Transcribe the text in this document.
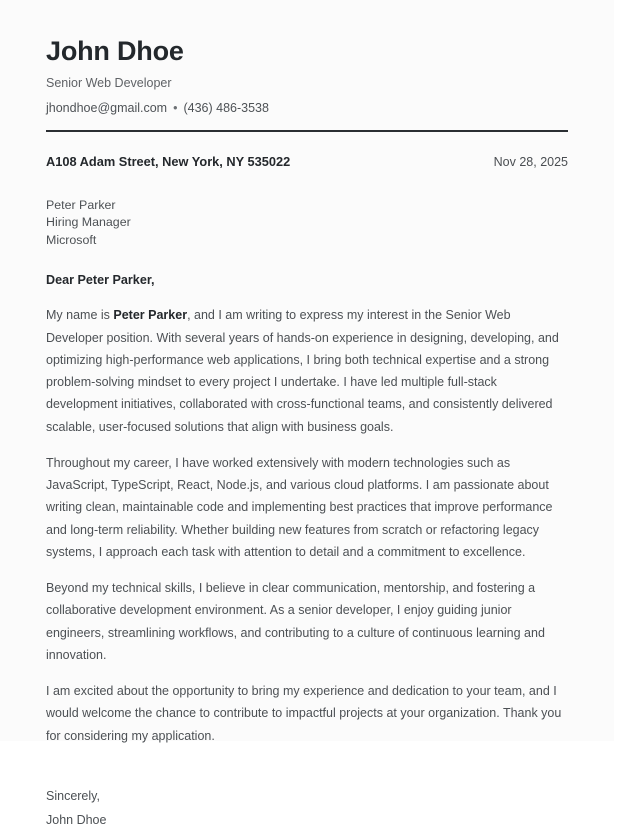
John Dhoe
Senior Web Developer
jhondhoe@gmail.com • (436) 486-3538
A108 Adam Street, New York, NY 535022	Nov 28, 2025
Peter Parker
Hiring Manager
Microsoft
Dear Peter Parker,

My name is Peter Parker, and I am writing to express my interest in the Senior Web Developer position. With several years of hands-on experience in designing, developing, and optimizing high-performance web applications, I bring both technical expertise and a strong problem-solving mindset to every project I undertake. I have led multiple full-stack development initiatives, collaborated with cross-functional teams, and consistently delivered scalable, user-focused solutions that align with business goals.

Throughout my career, I have worked extensively with modern technologies such as JavaScript, TypeScript, React, Node.js, and various cloud platforms. I am passionate about writing clean, maintainable code and implementing best practices that improve performance and long-term reliability. Whether building new features from scratch or refactoring legacy systems, I approach each task with attention to detail and a commitment to excellence.

Beyond my technical skills, I believe in clear communication, mentorship, and fostering a collaborative development environment. As a senior developer, I enjoy guiding junior engineers, streamlining workflows, and contributing to a culture of continuous learning and innovation.

I am excited about the opportunity to bring my experience and dedication to your team, and I would welcome the chance to contribute to impactful projects at your organization. Thank you for considering my application.

Sincerely,
John Dhoe
